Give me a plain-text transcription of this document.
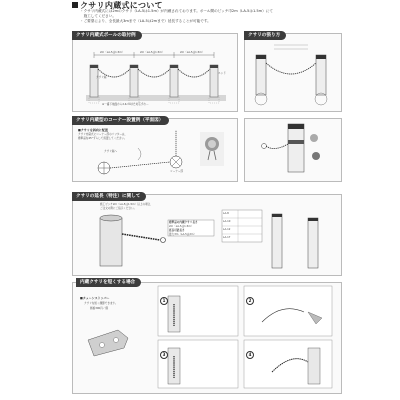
クサリ内蔵式について
・クサリ内蔵式には2mのクサリ（LA-5は1.5m）が内蔵されております。ポール間のピッチ巾2m（LA-5は1.5m）にて
　施工してください。
・ご要望により、全長最大3mまで（LA-5は2mまで）延長することが可能です。
クサリ内蔵式ポールの取付例
2m（LA-5は1.5m）	2m（LA-5は1.5m）	2m（LA-5は1.5m）
クサリ端
エンド
※一番下地面から2.4cmのため芯ずれ...
クサリの張り方
クサリ内蔵型のコーナー設置例（平面図）
■クサリを斜向に配置
クサリ内蔵式にコーナー部のリフターは、
標準品を45°ずらして設置してください。
クサリ端へ
コーナー部
クサリの延長（特注）に関して
施工ピッチ2m（LA-5は1.5m）以上の場合、
ご注文の際にご指示ください。
標準品の内蔵クサリ長さ
2m（LA-5は1.5m）
延長可能長さ
最大3m（LA-5は2m）
LA-8
LA-10
LA-12
LA-17
内蔵クサリを短くする場合
■チェーンストッパー
クサリを短く調節できます。
価格300円／個
1	2
3	4
